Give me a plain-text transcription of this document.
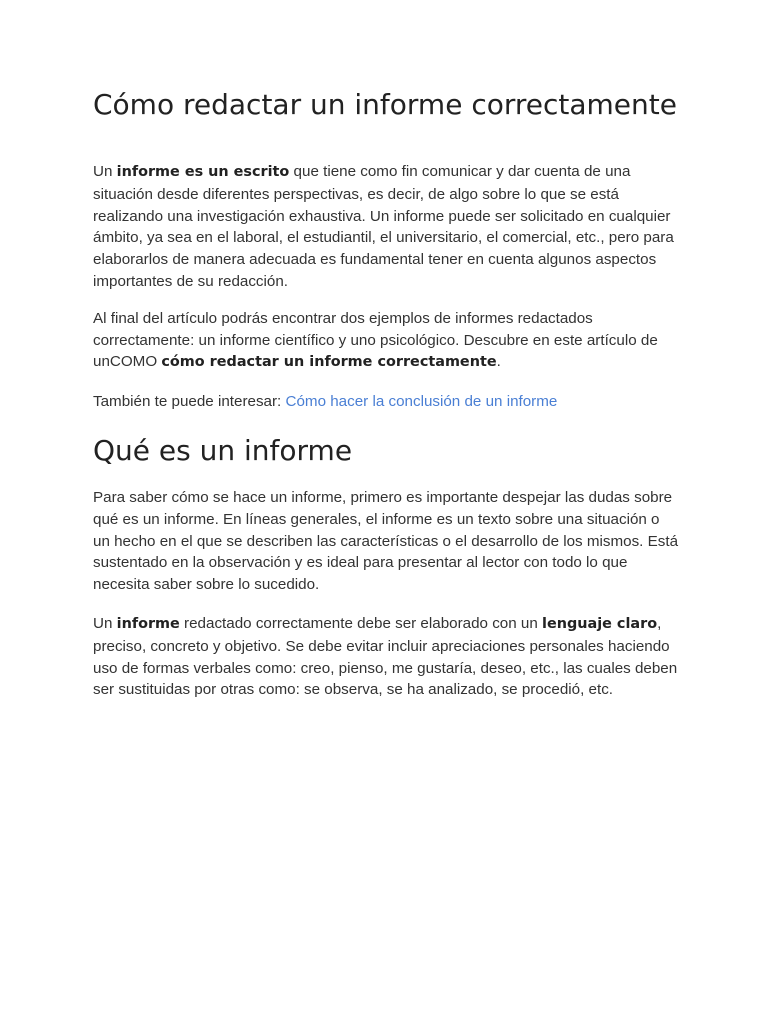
Cómo redactar un informe correctamente

Un informe es un escrito que tiene como fin comunicar y dar cuenta de una situación desde diferentes perspectivas, es decir, de algo sobre lo que se está realizando una investigación exhaustiva. Un informe puede ser solicitado en cualquier ámbito, ya sea en el laboral, el estudiantil, el universitario, el comercial, etc., pero para elaborarlos de manera adecuada es fundamental tener en cuenta algunos aspectos importantes de su redacción.

Al final del artículo podrás encontrar dos ejemplos de informes redactados correctamente: un informe científico y uno psicológico. Descubre en este artículo de unCOMO cómo redactar un informe correctamente.

También te puede interesar: Cómo hacer la conclusión de un informe

Qué es un informe

Para saber cómo se hace un informe, primero es importante despejar las dudas sobre qué es un informe. En líneas generales, el informe es un texto sobre una situación o un hecho en el que se describen las características o el desarrollo de los mismos. Está sustentado en la observación y es ideal para presentar al lector con todo lo que necesita saber sobre lo sucedido.

Un informe redactado correctamente debe ser elaborado con un lenguaje claro, preciso, concreto y objetivo. Se debe evitar incluir apreciaciones personales haciendo uso de formas verbales como: creo, pienso, me gustaría, deseo, etc., las cuales deben ser sustituidas por otras como: se observa, se ha analizado, se procedió, etc.
